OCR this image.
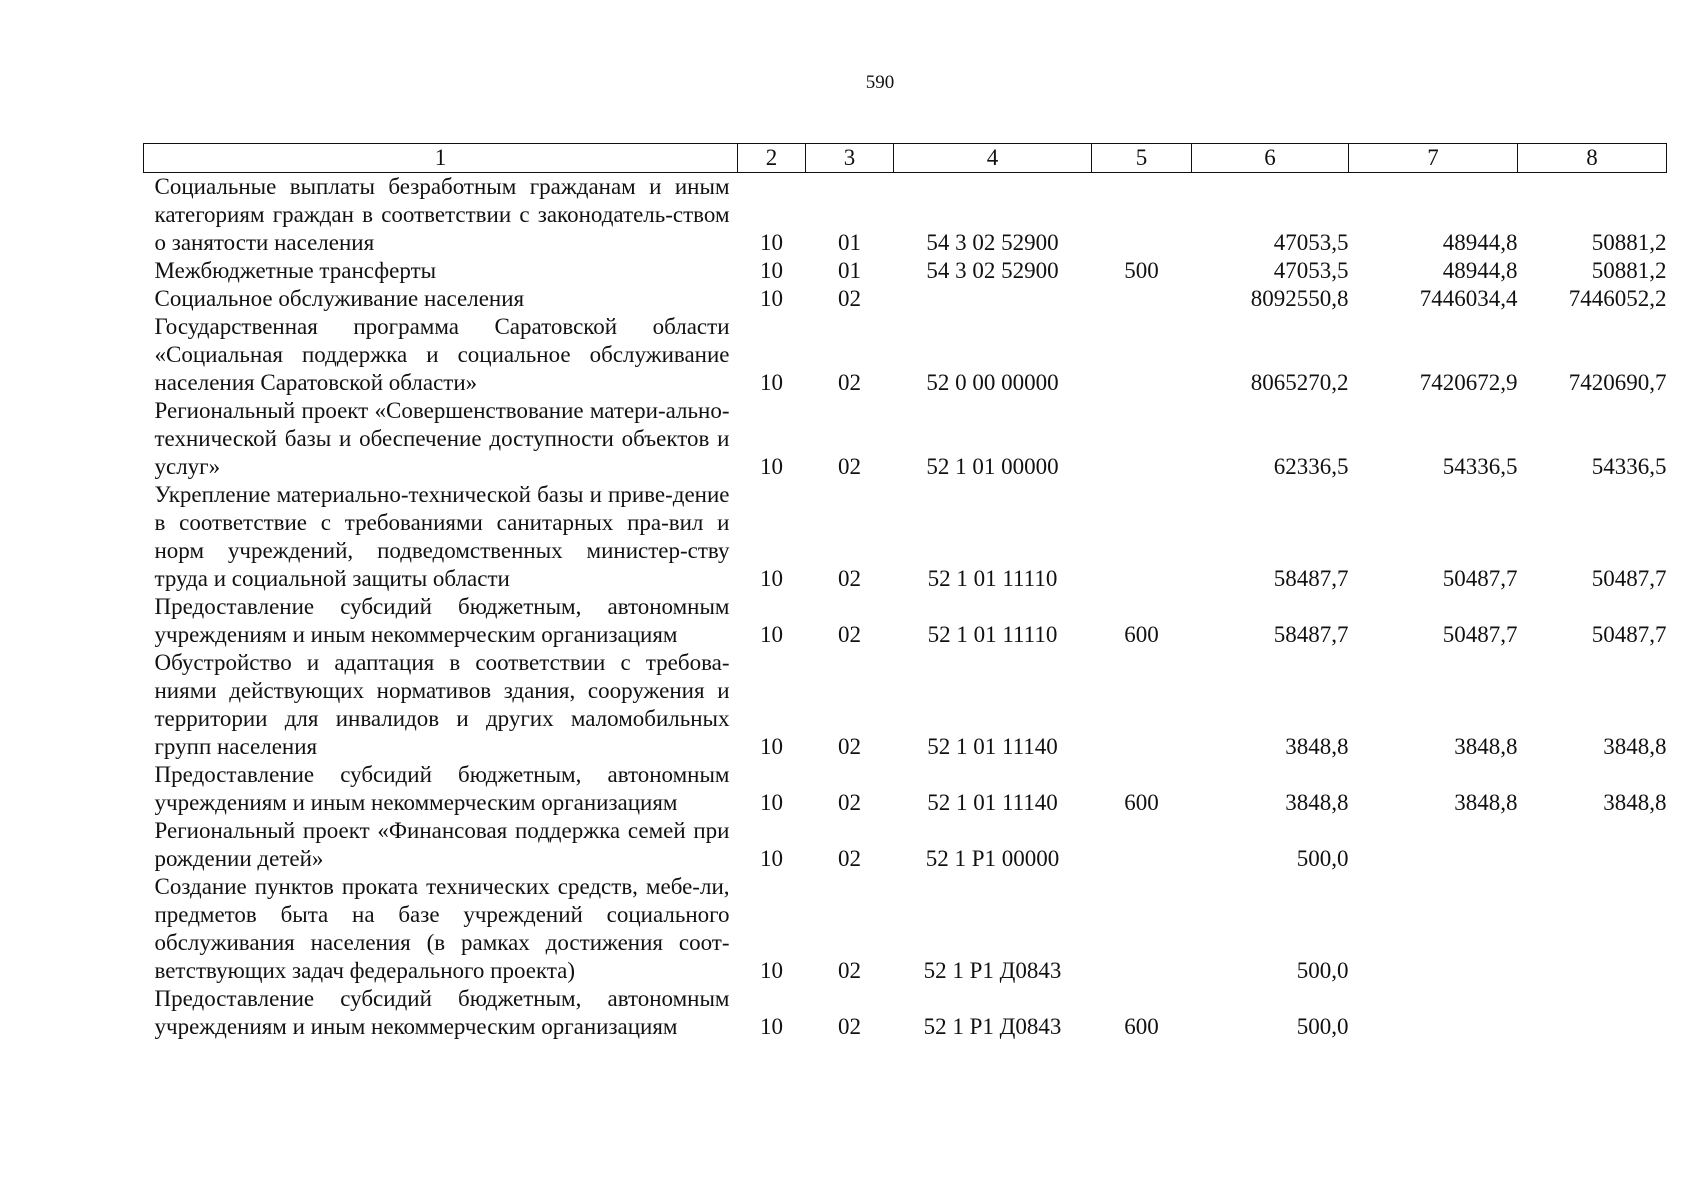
590
1	2	3	4	5	6	7	8
Социальные выплаты безработным гражданам и иным категориям граждан в соответствии с законодатель-ством о занятости населения	10	01	54 3 02 52900		47053,5	48944,8	50881,2
Межбюджетные трансферты	10	01	54 3 02 52900	500	47053,5	48944,8	50881,2
Социальное обслуживание населения	10	02			8092550,8	7446034,4	7446052,2
Государственная программа Саратовской области «Социальная поддержка и социальное обслуживание населения Саратовской области»	10	02	52 0 00 00000		8065270,2	7420672,9	7420690,7
Региональный проект «Совершенствование матери-ально-технической базы и обеспечение доступности объектов и услуг»	10	02	52 1 01 00000		62336,5	54336,5	54336,5
Укрепление материально-технической базы и приве-дение в соответствие с требованиями санитарных пра-вил и норм учреждений, подведомственных министер-ству труда и социальной защиты области	10	02	52 1 01 11110		58487,7	50487,7	50487,7
Предоставление субсидий бюджетным, автономным учреждениям и иным некоммерческим организациям	10	02	52 1 01 11110	600	58487,7	50487,7	50487,7
Обустройство и адаптация в соответствии с требова-ниями действующих нормативов здания, сооружения и территории для инвалидов и других маломобильных групп населения	10	02	52 1 01 11140		3848,8	3848,8	3848,8
Предоставление субсидий бюджетным, автономным учреждениям и иным некоммерческим организациям	10	02	52 1 01 11140	600	3848,8	3848,8	3848,8
Региональный проект «Финансовая поддержка семей при рождении детей»	10	02	52 1 P1 00000		500,0		
Создание пунктов проката технических средств, мебе-ли, предметов быта на базе учреждений социального обслуживания населения (в рамках достижения соот-ветствующих задач федерального проекта)	10	02	52 1 P1 Д0843		500,0		
Предоставление субсидий бюджетным, автономным учреждениям и иным некоммерческим организациям	10	02	52 1 P1 Д0843	600	500,0		
